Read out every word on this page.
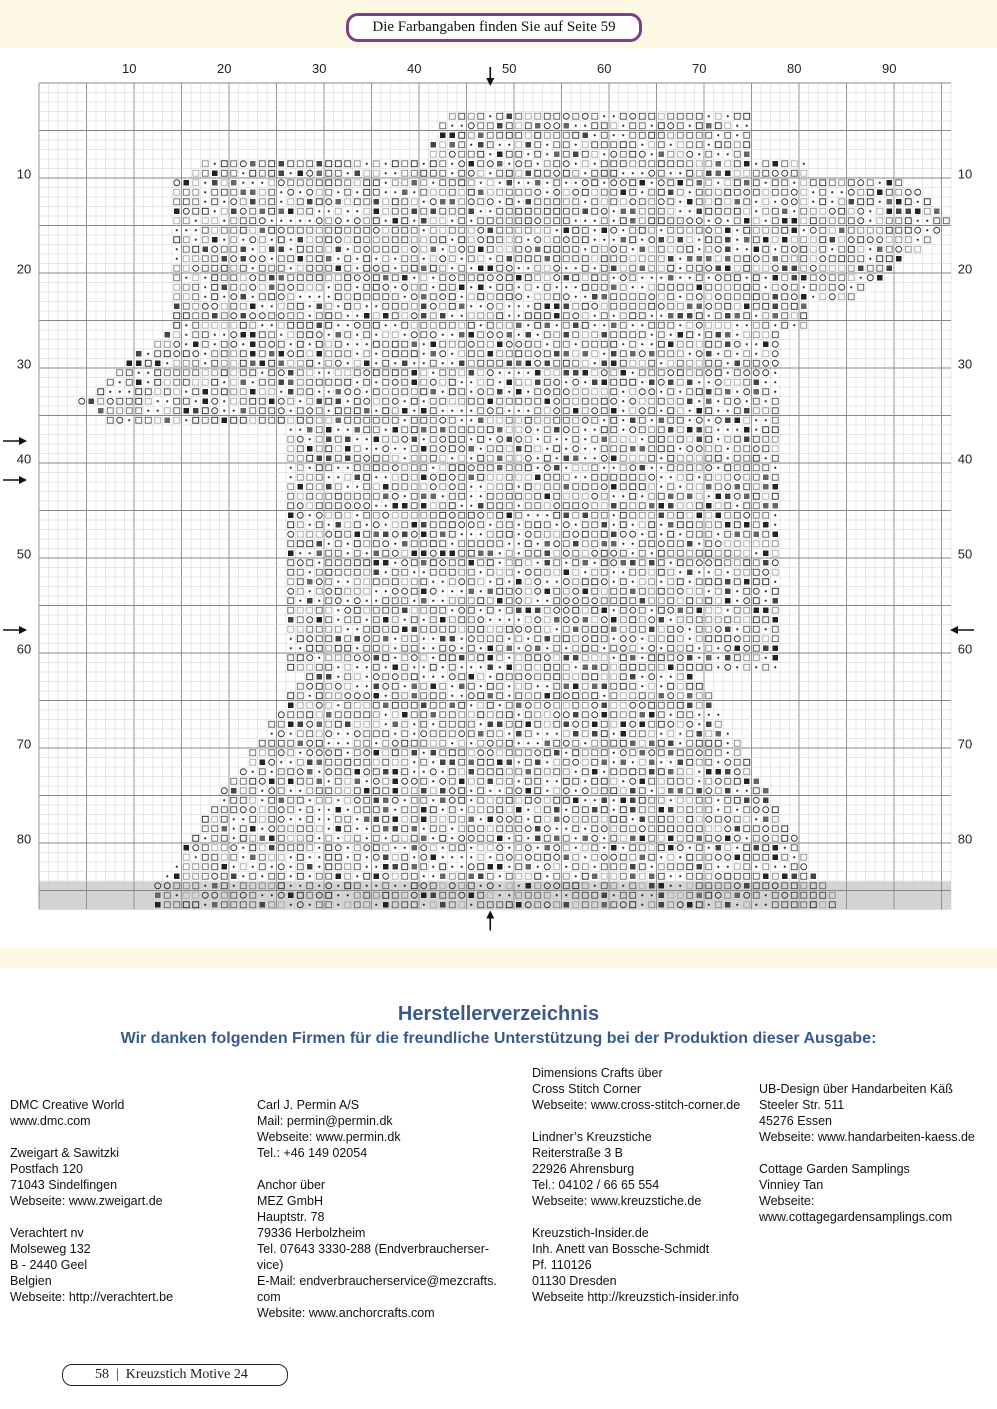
Die Farbangaben finden Sie auf Seite 59
10	20	30	40	50	60	70	80	90
10	10
20	20
30	30
40	40
50	50
60	60
70	70
80	80
Herstellerverzeichnis
Wir danken folgenden Firmen für die freundliche Unterstützung bei der Produktion dieser Ausgabe:
DMC Creative World
www.dmc.com
Zweigart & Sawitzki
Postfach 120
71043 Sindelfingen
Webseite: www.zweigart.de
Verachtert nv
Molseweg 132
B - 2440 Geel
Belgien
Webseite: http://verachtert.be
Carl J. Permin A/S
Mail: permin@permin.dk
Webseite: www.permin.dk
Tel.: +46 149 02054
Anchor über
MEZ GmbH
Hauptstr. 78
79336 Herbolzheim
Tel. 07643 3330-288 (Endverbraucherser-
vice)
E-Mail: endverbraucherservice@mezcrafts.
com
Website: www.anchorcrafts.com
Dimensions Crafts über
Cross Stitch Corner
Webseite: www.cross-stitch-corner.de
Lindner’s Kreuzstiche
Reiterstraße 3 B
22926 Ahrensburg
Tel.: 04102 / 66 65 554
Webseite: www.kreuzstiche.de
Kreuzstich-Insider.de
Inh. Anett van Bossche-Schmidt
Pf. 110126
01130 Dresden
Webseite http://kreuzstich-insider.info
UB-Design über Handarbeiten Käß
Steeler Str. 511
45276 Essen
Webseite: www.handarbeiten-kaess.de
Cottage Garden Samplings
Vinniey Tan
Webseite:
www.cottagegardensamplings.com
58  |  Kreuzstich Motive 24
